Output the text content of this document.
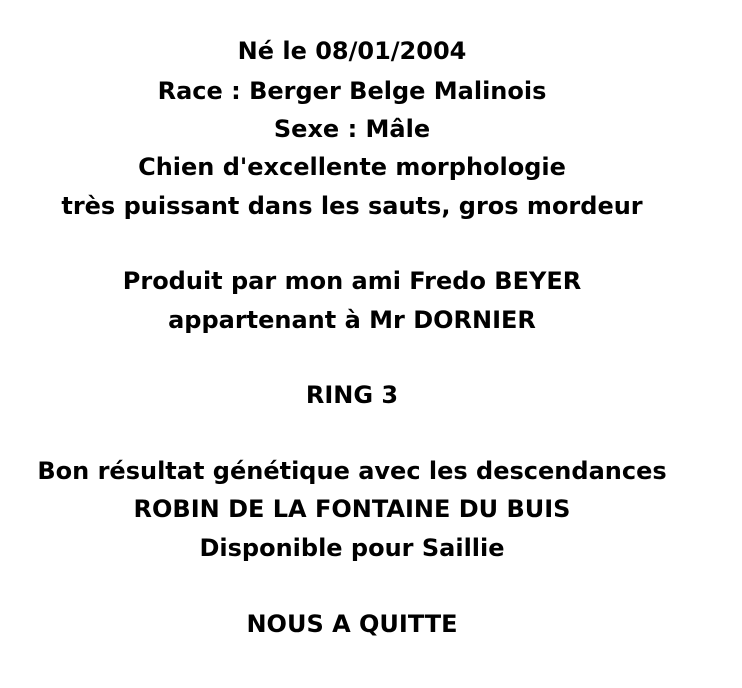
Né le 08/01/2004
Race : Berger Belge Malinois
Sexe : Mâle
Chien d'excellente morphologie
très puissant dans les sauts, gros mordeur
Produit par mon ami Fredo BEYER
appartenant à Mr DORNIER
RING 3
Bon résultat génétique avec les descendances
ROBIN DE LA FONTAINE DU BUIS
Disponible pour Saillie
NOUS A QUITTE
